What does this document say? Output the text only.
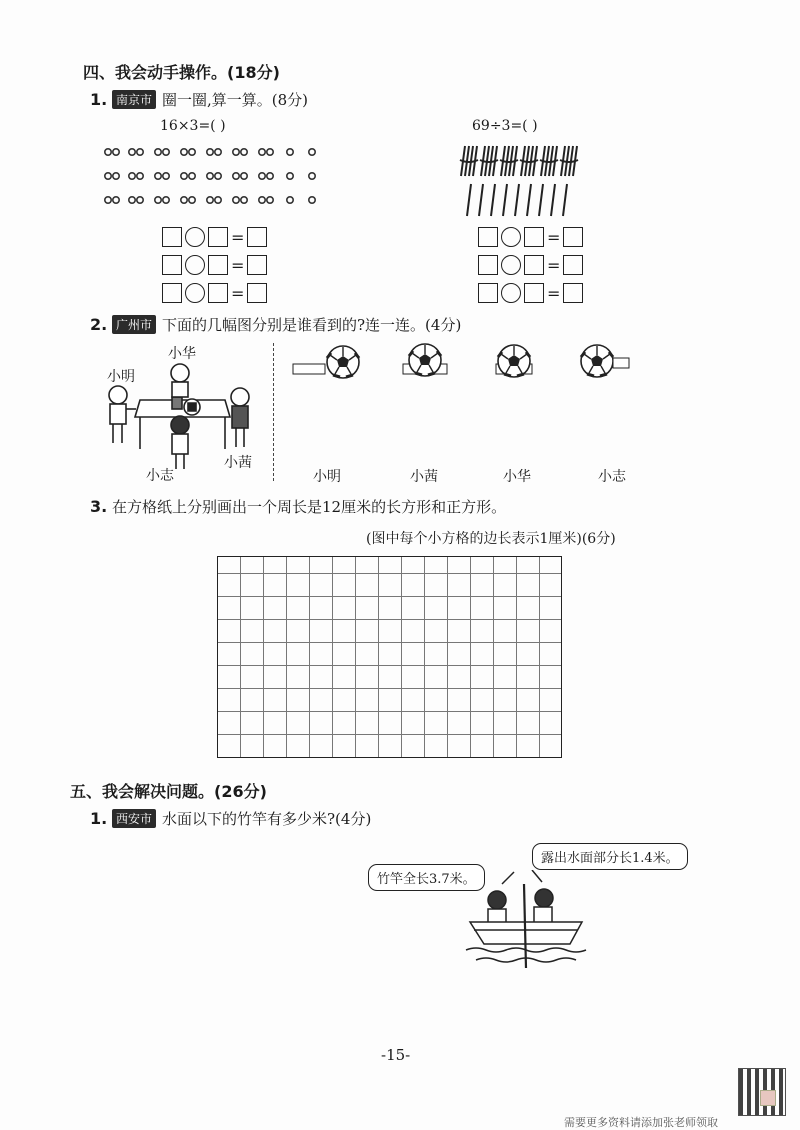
四、我会动手操作。(18分)
1. 南京市 圈一圈,算一算。(8分)
16×3=( )	69÷3=( )
=
=
=
=
=
=
2. 广州市 下面的几幅图分别是谁看到的?连一连。(4分)
小华
小明
小志
小茜
小明	小茜	小华	小志
3. 在方格纸上分别画出一个周长是12厘米的长方形和正方形。
(图中每个小方格的边长表示1厘米)(6分)
五、我会解决问题。(26分)
1. 西安市 水面以下的竹竿有多少米?(4分)
竹竿全长3.7米。
露出水面部分长1.4米。
-15-
需要更多资料请添加张老师领取
